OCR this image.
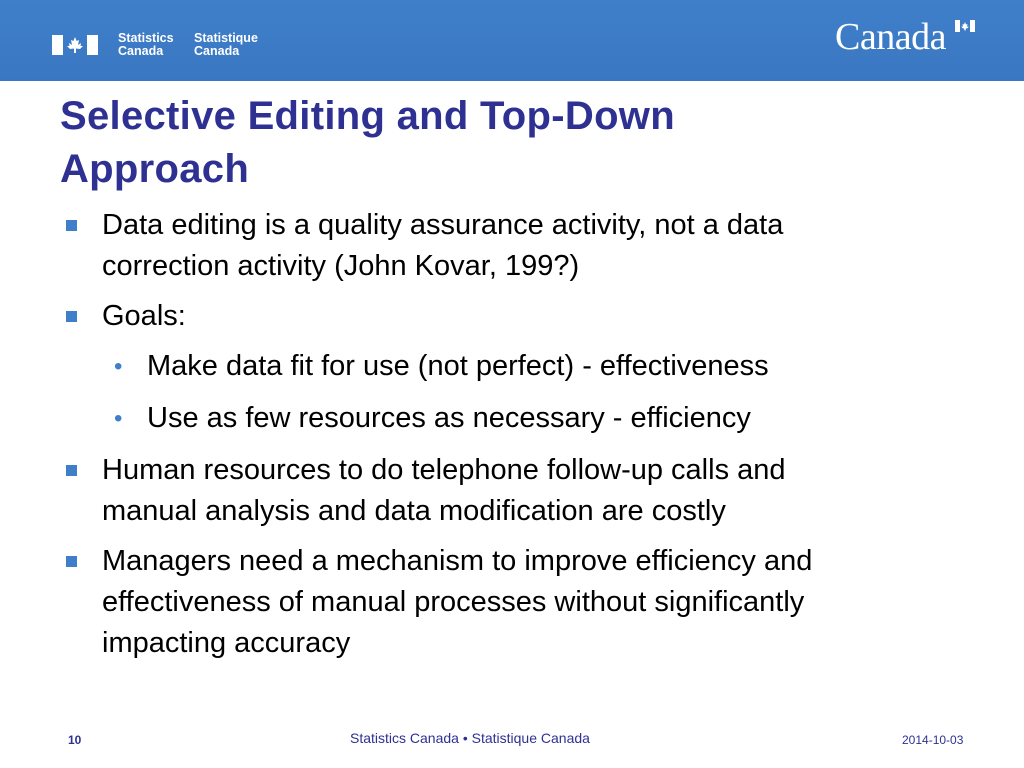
Statistics
Canada
Statistique
Canada	Canada
Selective Editing and Top-Down
Approach
Data editing is a quality assurance activity, not a data
correction activity (John Kovar, 199?)
Goals:
• Make data fit for use (not perfect) - effectiveness
• Use as few resources as necessary - efficiency
Human resources to do telephone follow-up calls and
manual analysis and data modification are costly
Managers need a mechanism to improve efficiency and
effectiveness of manual processes without significantly
impacting accuracy
10	Statistics Canada • Statistique Canada	2014-10-03
